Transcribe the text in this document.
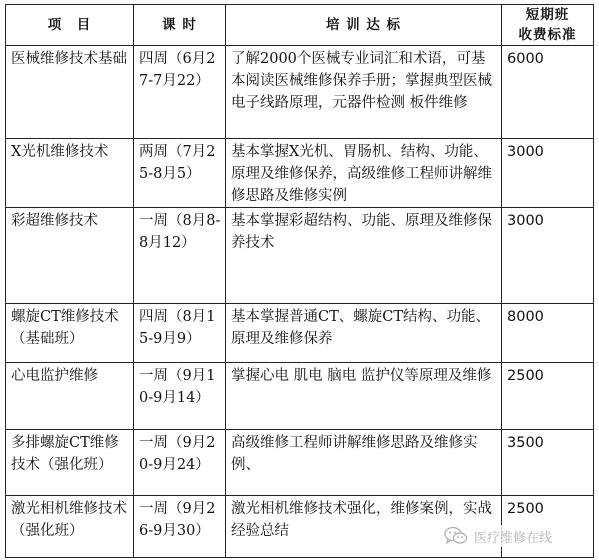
项　目	课 时	培 训 达 标	短期班
收费标准

医械维修技术基础	四周（6月27-7月22）	了解2000个医械专业词汇和术语，可基本阅读医械维修保养手册；掌握典型医械电子线路原理，元器件检测 板件维修	6000
X光机维修技术	两周（7月25-8月5）	基本掌握X光机、胃肠机、结构、功能、原理及维修保养，高级维修工程师讲解维修思路及维修实例	3000
彩超维修技术	一周（8月8-8月12）	基本掌握彩超结构、功能、原理及维修保养技术	3000
螺旋CT维修技术（基础班）	四周（8月15-9月9）	基本掌握普通CT、螺旋CT结构、功能、原理及维修保养	8000
心电监护维修	一周（9月10-9月14）	掌握心电 肌电 脑电 监护仪等原理及维修	2500
多排螺旋CT维修技术（强化班）	一周（9月20-9月24）	高级维修工程师讲解维修思路及维修实例、	3500
激光相机维修技术（强化班）	一周（9月26-9月30）	激光相机维修技术强化，维修案例，实战经验总结	2500
医疗维修在线
